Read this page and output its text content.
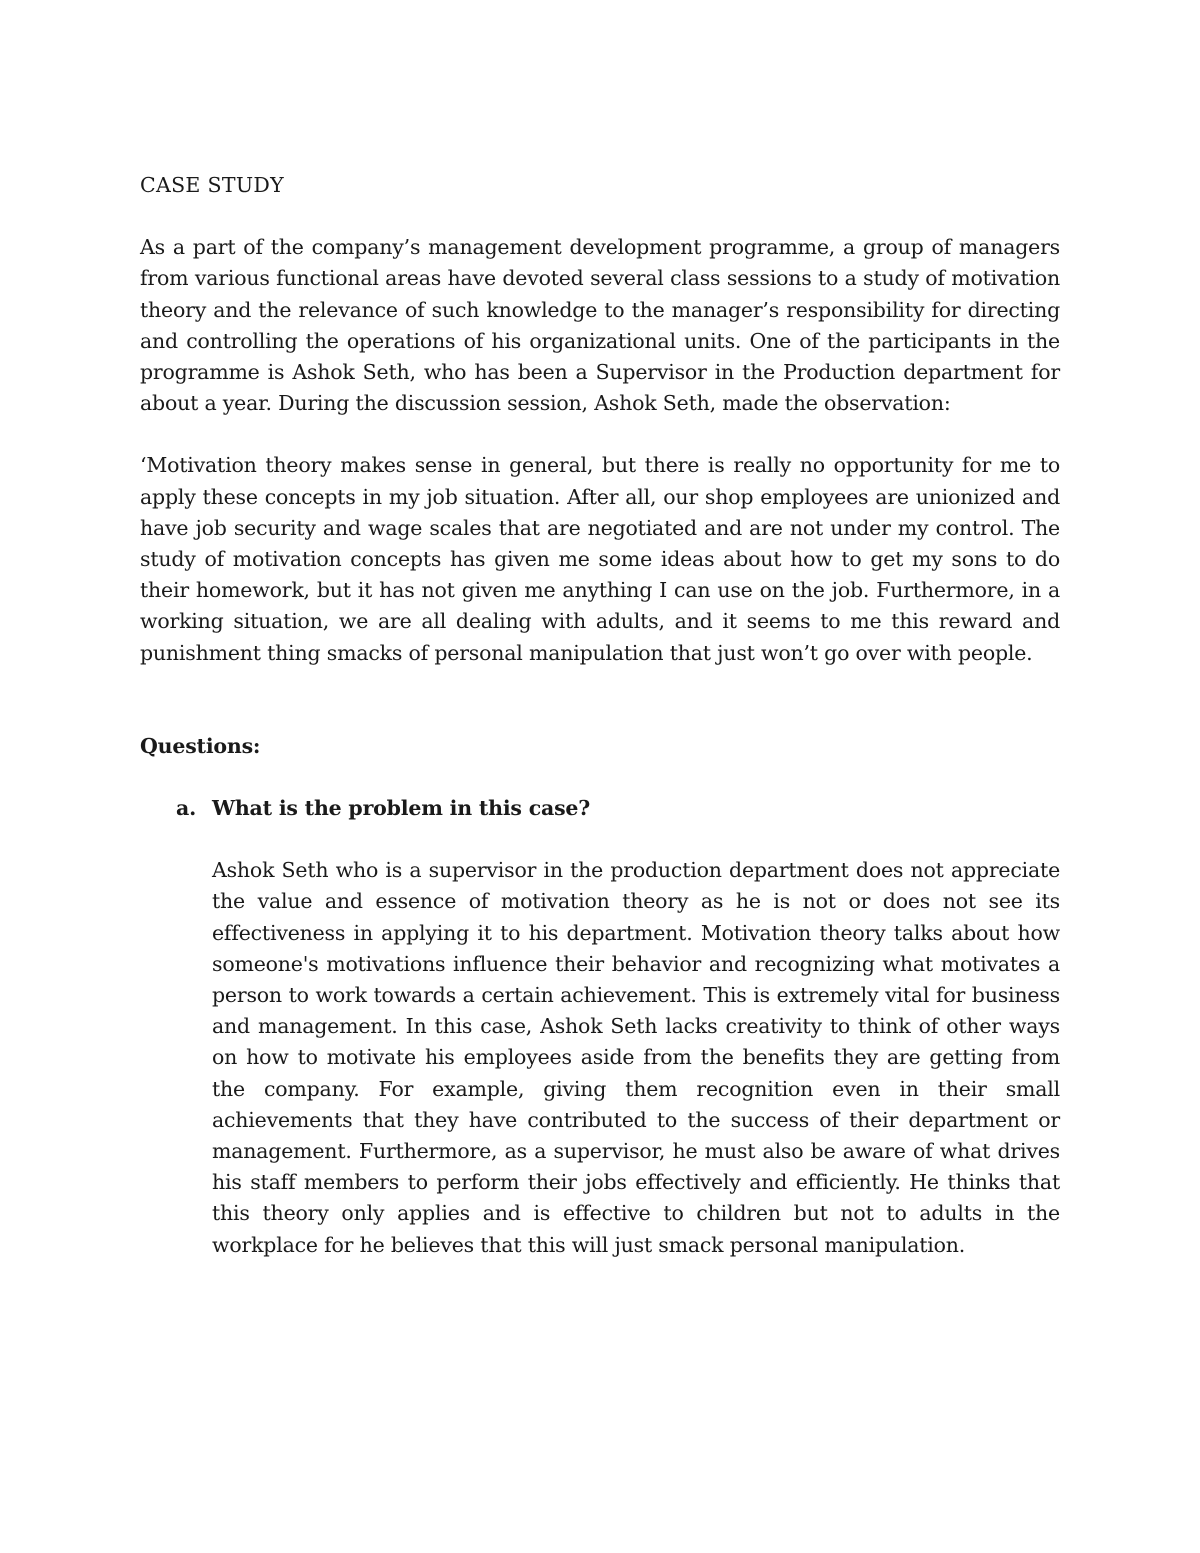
CASE STUDY

As a part of the company’s management development programme, a group of managers from various functional areas have devoted several class sessions to a study of motivation theory and the relevance of such knowledge to the manager’s responsibility for directing and controlling the operations of his organizational units. One of the participants in the programme is Ashok Seth, who has been a Supervisor in the Production department for about a year. During the discussion session, Ashok Seth, made the observation:

‘Motivation theory makes sense in general, but there is really no opportunity for me to apply these concepts in my job situation. After all, our shop employees are unionized and have job security and wage scales that are negotiated and are not under my control. The study of motivation concepts has given me some ideas about how to get my sons to do their homework, but it has not given me anything I can use on the job. Furthermore, in a working situation, we are all dealing with adults, and it seems to me this reward and punishment thing smacks of personal manipulation that just won’t go over with people.

Questions:
a. What is the problem in this case?

Ashok Seth who is a supervisor in the production department does not appreciate the value and essence of motivation theory as he is not or does not see its effectiveness in applying it to his department. Motivation theory talks about how someone's motivations influence their behavior and recognizing what motivates a person to work towards a certain achievement. This is extremely vital for business and management. In this case, Ashok Seth lacks creativity to think of other ways on how to motivate his employees aside from the benefits they are getting from the company. For example, giving them recognition even in their small achievements that they have contributed to the success of their department or management. Furthermore, as a supervisor, he must also be aware of what drives his staff members to perform their jobs effectively and efficiently. He thinks that this theory only applies and is effective to children but not to adults in the workplace for he believes that this will just smack personal manipulation.
